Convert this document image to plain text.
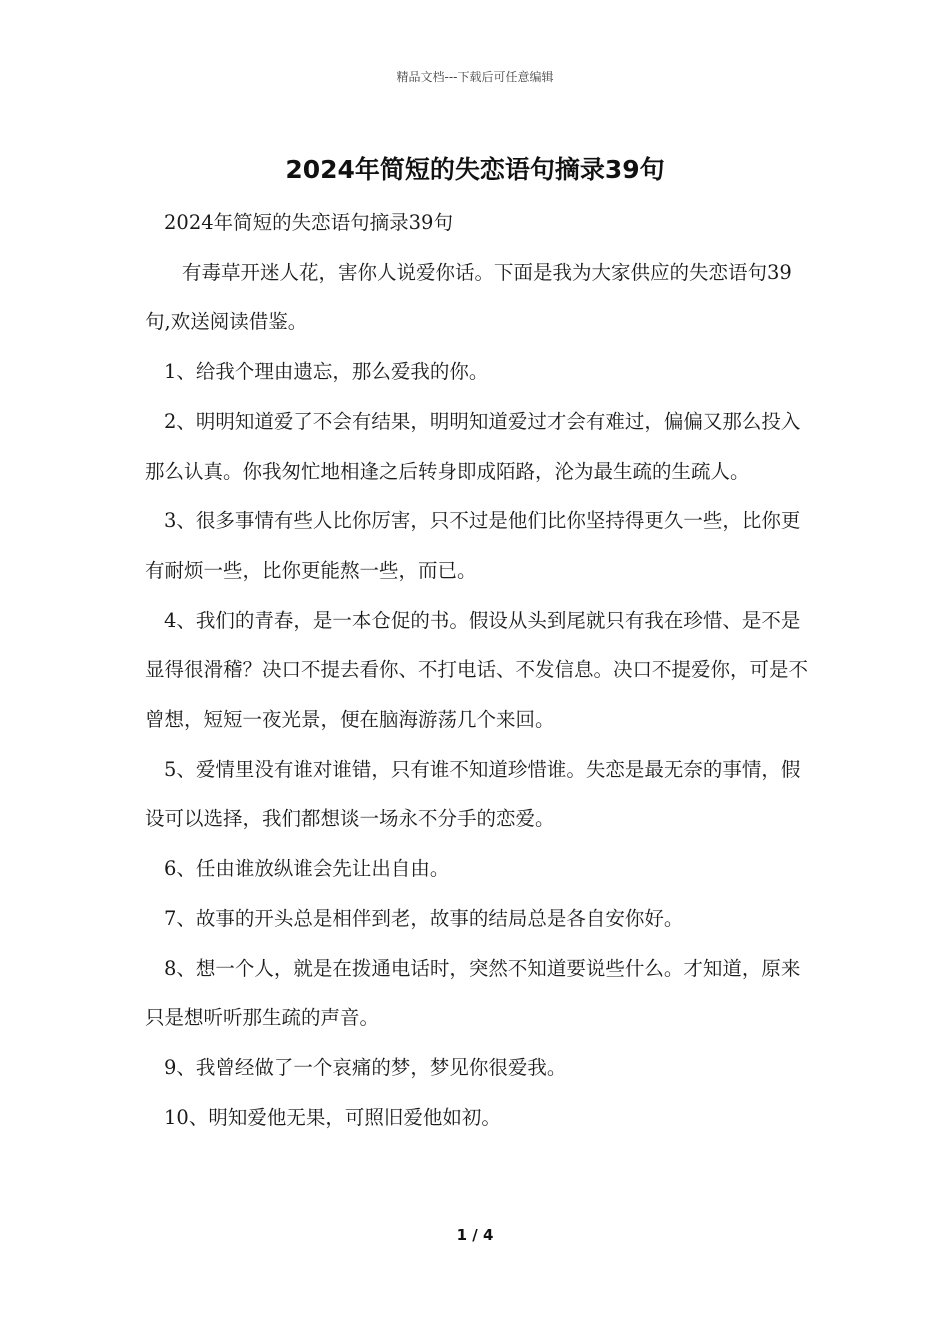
精品文档---下载后可任意编辑
2024年简短的失恋语句摘录39句

2024年简短的失恋语句摘录39句

有毒草开迷人花，害你人说爱你话。下面是我为大家供应的失恋语句39句,欢送阅读借鉴。

1、给我个理由遗忘，那么爱我的你。

2、明明知道爱了不会有结果，明明知道爱过才会有难过，偏偏又那么投入那么认真。你我匆忙地相逢之后转身即成陌路，沦为最生疏的生疏人。

3、很多事情有些人比你厉害，只不过是他们比你坚持得更久一些，比你更有耐烦一些，比你更能熬一些，而已。

4、我们的青春，是一本仓促的书。假设从头到尾就只有我在珍惜、是不是显得很滑稽？决口不提去看你、不打电话、不发信息。决口不提爱你，可是不曾想，短短一夜光景，便在脑海游荡几个来回。

5、爱情里没有谁对谁错，只有谁不知道珍惜谁。失恋是最无奈的事情，假设可以选择，我们都想谈一场永不分手的恋爱。

6、任由谁放纵谁会先让出自由。

7、故事的开头总是相伴到老，故事的结局总是各自安你好。

8、想一个人，就是在拨通电话时，突然不知道要说些什么。才知道，原来只是想听听那生疏的声音。

9、我曾经做了一个哀痛的梦，梦见你很爱我。

10、明知爱他无果，可照旧爱他如初。

1 / 4
